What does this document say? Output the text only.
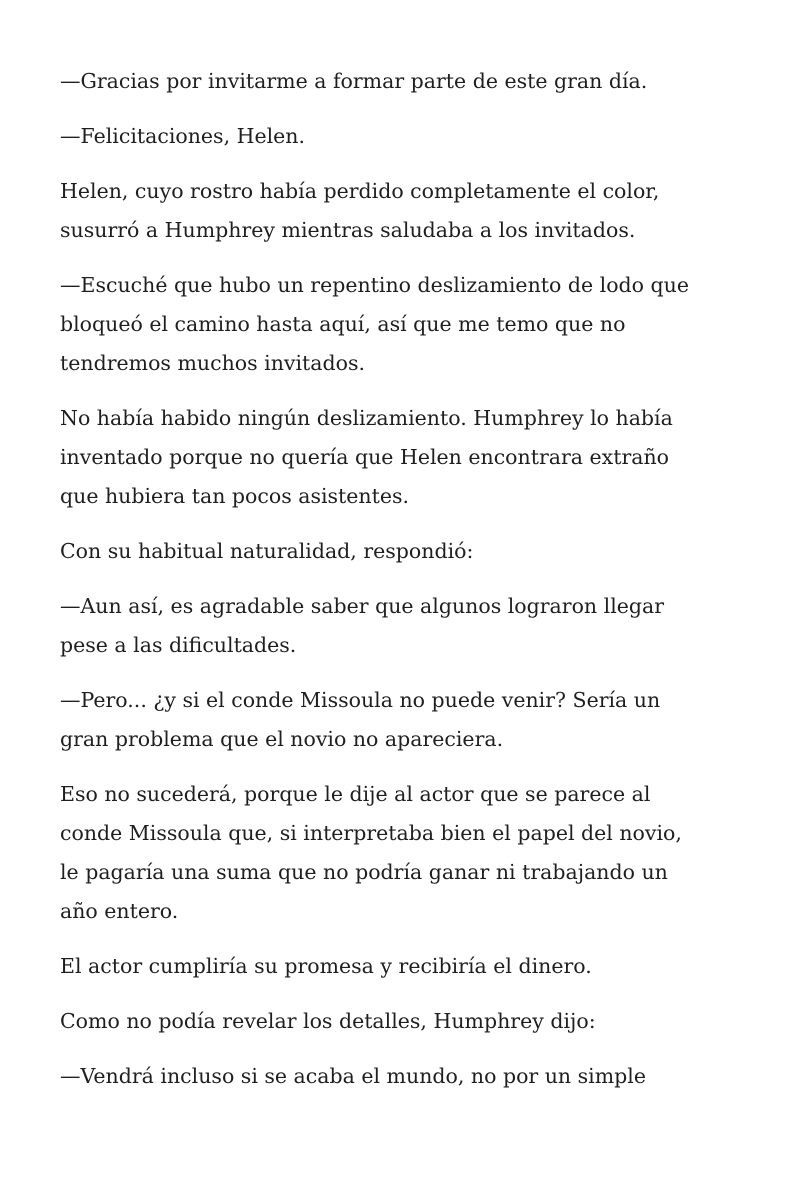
—Gracias por invitarme a formar parte de este gran día.

—Felicitaciones, Helen.

Helen, cuyo rostro había perdido completamente el color,
susurró a Humphrey mientras saludaba a los invitados.

—Escuché que hubo un repentino deslizamiento de lodo que
bloqueó el camino hasta aquí, así que me temo que no
tendremos muchos invitados.

No había habido ningún deslizamiento. Humphrey lo había
inventado porque no quería que Helen encontrara extraño
que hubiera tan pocos asistentes.

Con su habitual naturalidad, respondió:

—Aun así, es agradable saber que algunos lograron llegar
pese a las dificultades.

—Pero... ¿y si el conde Missoula no puede venir? Sería un
gran problema que el novio no apareciera.

Eso no sucederá, porque le dije al actor que se parece al
conde Missoula que, si interpretaba bien el papel del novio,
le pagaría una suma que no podría ganar ni trabajando un
año entero.

El actor cumpliría su promesa y recibiría el dinero.

Como no podía revelar los detalles, Humphrey dijo:

—Vendrá incluso si se acaba el mundo, no por un simple
